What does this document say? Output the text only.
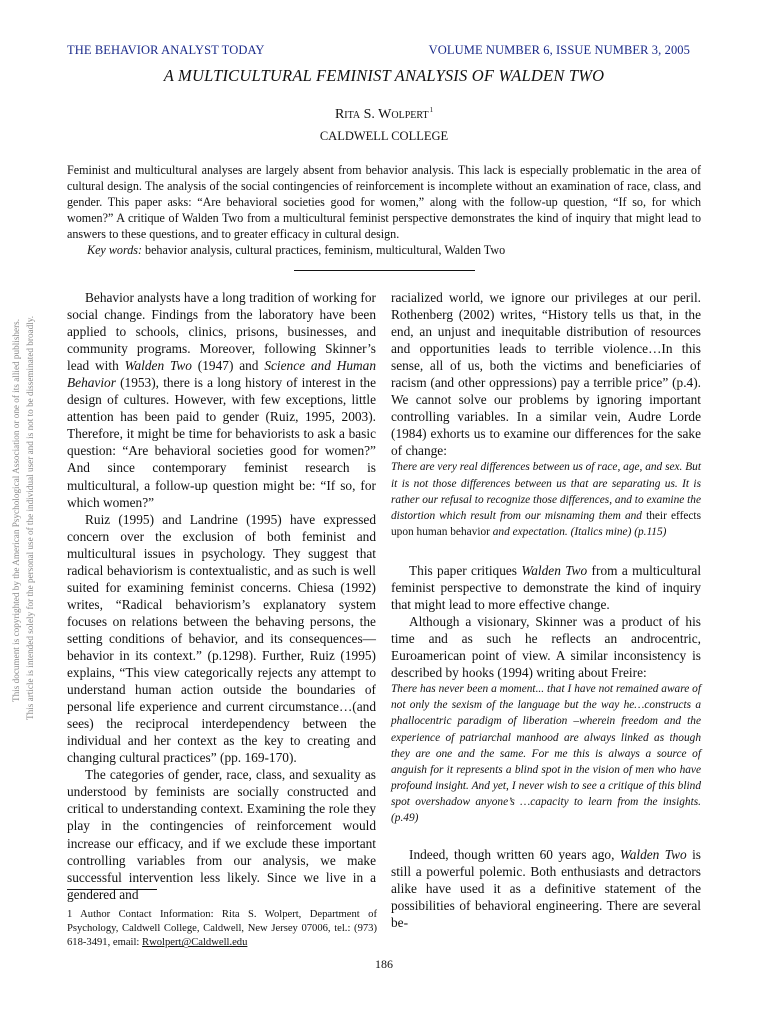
THE BEHAVIOR ANALYST TODAY	VOLUME NUMBER 6, ISSUE NUMBER 3, 2005
A MULTICULTURAL FEMINIST ANALYSIS OF WALDEN TWO
Rita S. Wolpert$^1$
CALDWELL COLLEGE

Feminist and multicultural analyses are largely absent from behavior analysis. This lack is especially problematic in the area of cultural design. The analysis of the social contingencies of reinforcement is incomplete without an examination of race, class, and gender. This paper asks: “Are behavioral societies good for women,” along with the follow-up question, “If so, for which women?” A critique of Walden Two from a multicultural feminist perspective demonstrates the kind of inquiry that might lead to answers to these questions, and to greater efficacy in cultural design.

Key words: behavior analysis, cultural practices, feminism, multicultural, Walden Two

This document is copyrighted by the American Psychological Association or one of its allied publishers. This article is intended solely for the personal use of the individual user and is not to be disseminated broadly.

Behavior analysts have a long tradition of working for social change. Findings from the laboratory have been applied to schools, clinics, prisons, businesses, and community programs. Moreover, following Skinner’s lead with Walden Two (1947) and Science and Human Behavior (1953), there is a long history of interest in the design of cultures. However, with few exceptions, little attention has been paid to gender (Ruiz, 1995, 2003). Therefore, it might be time for behaviorists to ask a basic question: “Are behavioral societies good for women?” And since contemporary feminist research is multicultural, a follow-up question might be: “If so, for which women?”

Ruiz (1995) and Landrine (1995) have expressed concern over the exclusion of both feminist and multicultural issues in psychology. They suggest that radical behaviorism is contextualistic, and as such is well suited for examining feminist concerns. Chiesa (1992) writes, “Radical behaviorism’s explanatory system focuses on relations between the behaving persons, the setting conditions of behavior, and its consequences—behavior in its context.” (p.1298). Further, Ruiz (1995) explains, “This view categorically rejects any attempt to understand human action outside the boundaries of personal life experience and current circumstance…(and sees) the reciprocal interdependency between the individual and her context as the key to creating and changing cultural practices” (pp. 169-170).

The categories of gender, race, class, and sexuality as understood by feminists are socially constructed and critical to understanding context. Examining the role they play in the contingencies of reinforcement would increase our efficacy, and if we exclude these important controlling variables from our analysis, we make successful intervention less likely. Since we live in a gendered and

racialized world, we ignore our privileges at our peril. Rothenberg (2002) writes, “History tells us that, in the end, an unjust and inequitable distribution of resources and opportunities leads to terrible violence…In this sense, all of us, both the victims and beneficiaries of racism (and other oppressions) pay a terrible price” (p.4). We cannot solve our problems by ignoring important controlling variables. In a similar vein, Audre Lorde (1984) exhorts us to examine our differences for the sake of change:

There are very real differences between us of race, age, and sex. But it is not those differences between us that are separating us. It is rather our refusal to recognize those differences, and to examine the distortion which result from our misnaming them and their effects upon human behavior and expectation. (Italics mine) (p.115)

This paper critiques Walden Two from a multicultural feminist perspective to demonstrate the kind of inquiry that might lead to more effective change.

Although a visionary, Skinner was a product of his time and as such he reflects an androcentric, Euroamerican point of view. A similar inconsistency is described by hooks (1994) writing about Freire:

There has never been a moment... that I have not remained aware of not only the sexism of the language but the way he…constructs a phallocentric paradigm of liberation –wherein freedom and the experience of patriarchal manhood are always linked as though they are one and the same. For me this is always a source of anguish for it represents a blind spot in the vision of men who have profound insight. And yet, I never wish to see a critique of this blind spot overshadow anyone’s …capacity to learn from the insights. (p.49)

Indeed, though written 60 years ago, Walden Two is still a powerful polemic. Both enthusiasts and detractors alike have used it as a definitive statement of the possibilities of behavioral engineering. There are several be-

1 Author Contact Information: Rita S. Wolpert, Department of Psychology, Caldwell College, Caldwell, New Jersey 07006, tel.: (973) 618-3491, email: Rwolpert@Caldwell.edu
186
